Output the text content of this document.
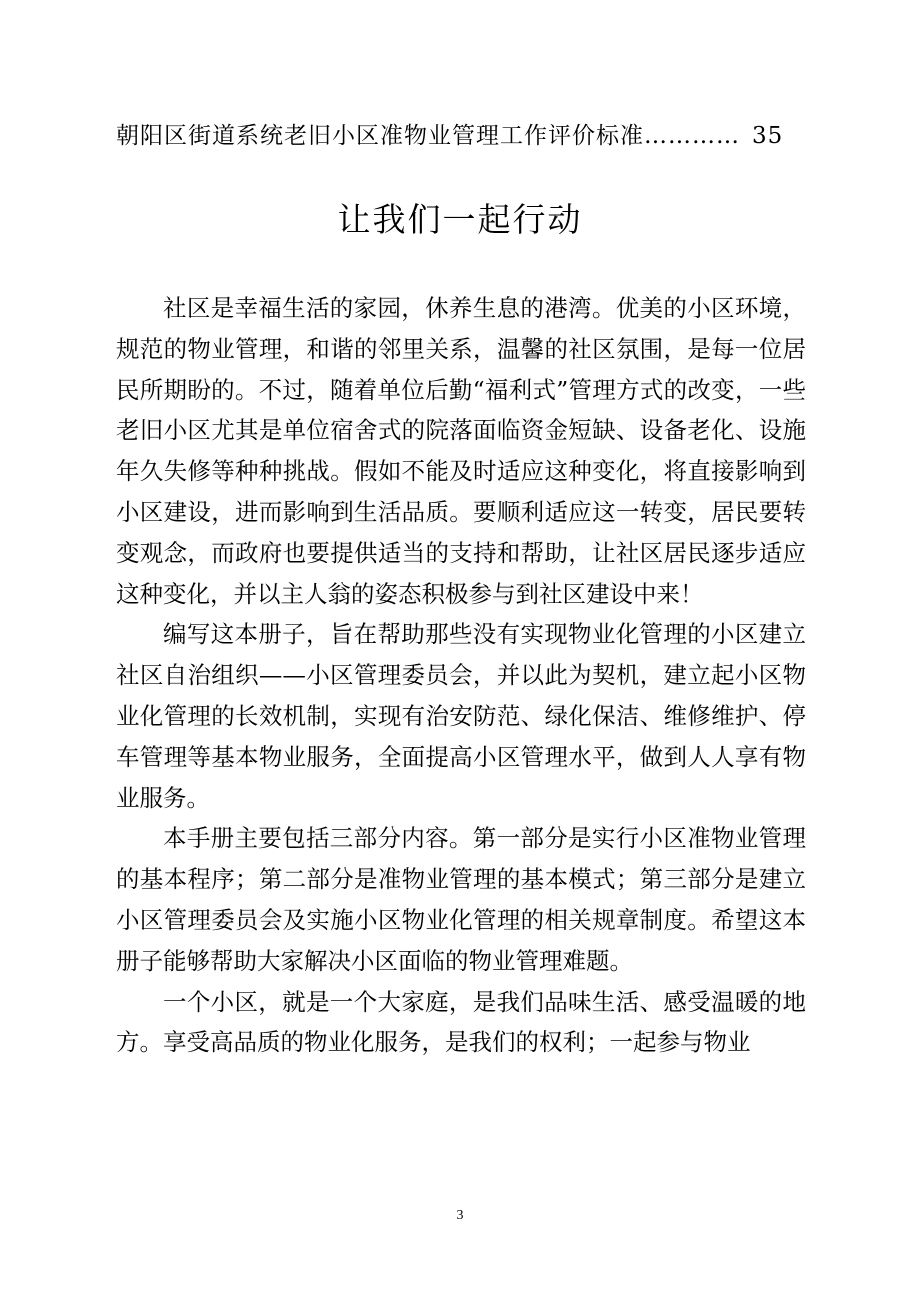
朝阳区街道系统老旧小区准物业管理工作评价标准………… 35
让我们一起行动

社区是幸福生活的家园，休养生息的港湾。优美的小区环境，规范的物业管理，和谐的邻里关系，温馨的社区氛围，是每一位居民所期盼的。不过，随着单位后勤“福利式”管理方式的改变，一些老旧小区尤其是单位宿舍式的院落面临资金短缺、设备老化、设施年久失修等种种挑战。假如不能及时适应这种变化，将直接影响到小区建设，进而影响到生活品质。要顺利适应这一转变，居民要转变观念，而政府也要提供适当的支持和帮助，让社区居民逐步适应这种变化，并以主人翁的姿态积极参与到社区建设中来！

编写这本册子，旨在帮助那些没有实现物业化管理的小区建立社区自治组织——小区管理委员会，并以此为契机，建立起小区物业化管理的长效机制，实现有治安防范、绿化保洁、维修维护、停车管理等基本物业服务，全面提高小区管理水平，做到人人享有物业服务。

本手册主要包括三部分内容。第一部分是实行小区准物业管理的基本程序；第二部分是准物业管理的基本模式；第三部分是建立小区管理委员会及实施小区物业化管理的相关规章制度。希望这本册子能够帮助大家解决小区面临的物业管理难题。

一个小区，就是一个大家庭，是我们品味生活、感受温暖的地方。享受高品质的物业化服务，是我们的权利；一起参与物业

3
